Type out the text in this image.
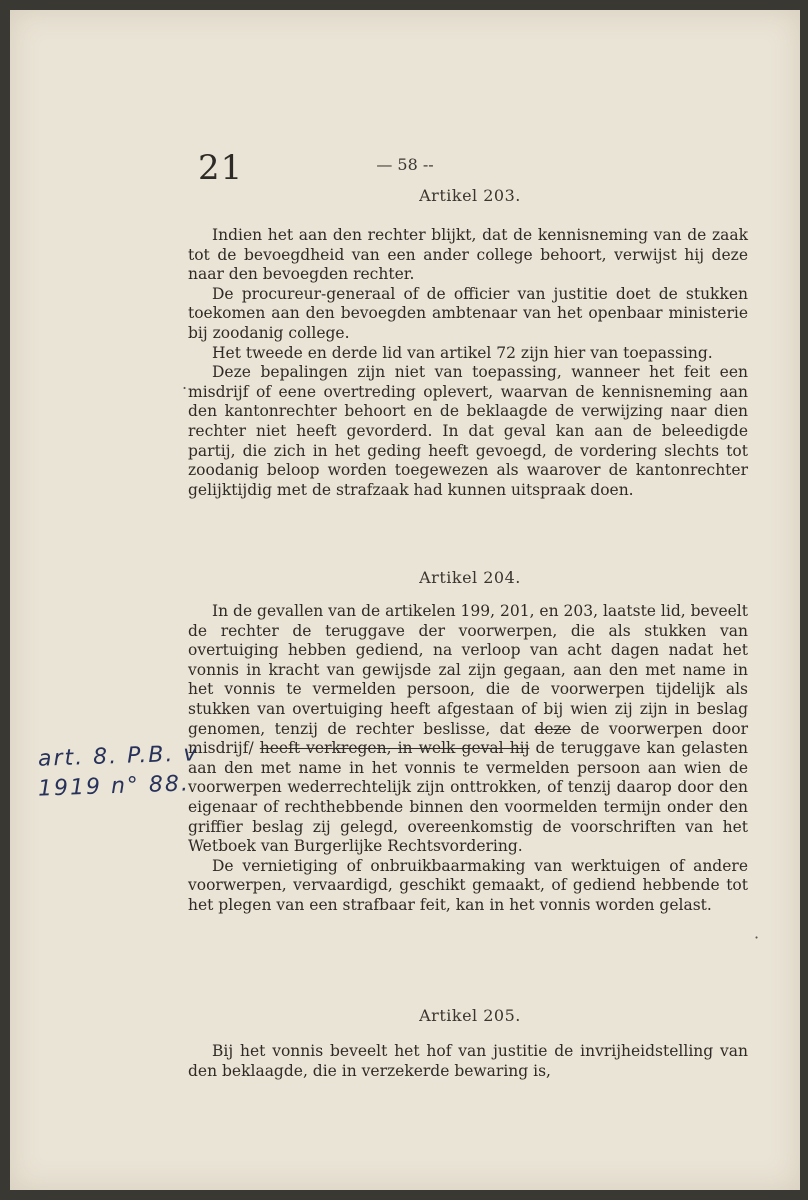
21	— 58 --
Artikel 203.

Indien het aan den rechter blijkt, dat de kennisneming van de zaak tot de bevoegdheid van een ander college behoort, verwijst hij deze naar den bevoegden rechter.

De procureur-generaal of de officier van justitie doet de stukken toekomen aan den bevoegden ambtenaar van het openbaar ministerie bij zoodanig college.

Het tweede en derde lid van artikel 72 zijn hier van toepassing.

Deze bepalingen zijn niet van toepassing, wanneer het feit een misdrijf of eene overtreding oplevert, waarvan de kennisneming aan den kantonrechter behoort en de beklaagde de verwijzing naar dien rechter niet heeft gevorderd. In dat geval kan aan de beleedigde partij, die zich in het geding heeft gevoegd, de vordering slechts tot zoodanig beloop worden toegewezen als waarover de kantonrechter gelijktijdig met de strafzaak had kunnen uitspraak doen.

Artikel 204.

In de gevallen van de artikelen 199, 201, en 203, laatste lid, beveelt de rechter de teruggave der voorwerpen, die als stukken van overtuiging hebben gediend, na verloop van acht dagen nadat het vonnis in kracht van gewijsde zal zijn gegaan, aan den met name in het vonnis te vermelden persoon, die de voorwerpen tijdelijk als stukken van overtuiging heeft afgestaan of bij wien zij zijn in beslag genomen, tenzij de rechter beslisse, dat deze de voorwerpen door misdrijf/ heeft verkregen, in welk geval hij de teruggave kan gelasten aan den met name in het vonnis te vermelden persoon aan wien de voorwerpen wederrechtelijk zijn onttrokken, of tenzij daarop door den eigenaar of rechthebbende binnen den voormelden termijn onder den griffier beslag zij gelegd, overeenkomstig de voorschriften van het Wetboek van Burgerlijke Rechtsvordering.

De vernietiging of onbruikbaarmaking van werktuigen of andere voorwerpen, vervaardigd, geschikt gemaakt, of gediend hebbende tot het plegen van een strafbaar feit, kan in het vonnis worden gelast.

Artikel 205.

Bij het vonnis beveelt het hof van justitie de invrijheidstelling van den beklaagde, die in verzekerde bewaring is,

art. 8. P.B. v
1919 n° 88.
.
·
